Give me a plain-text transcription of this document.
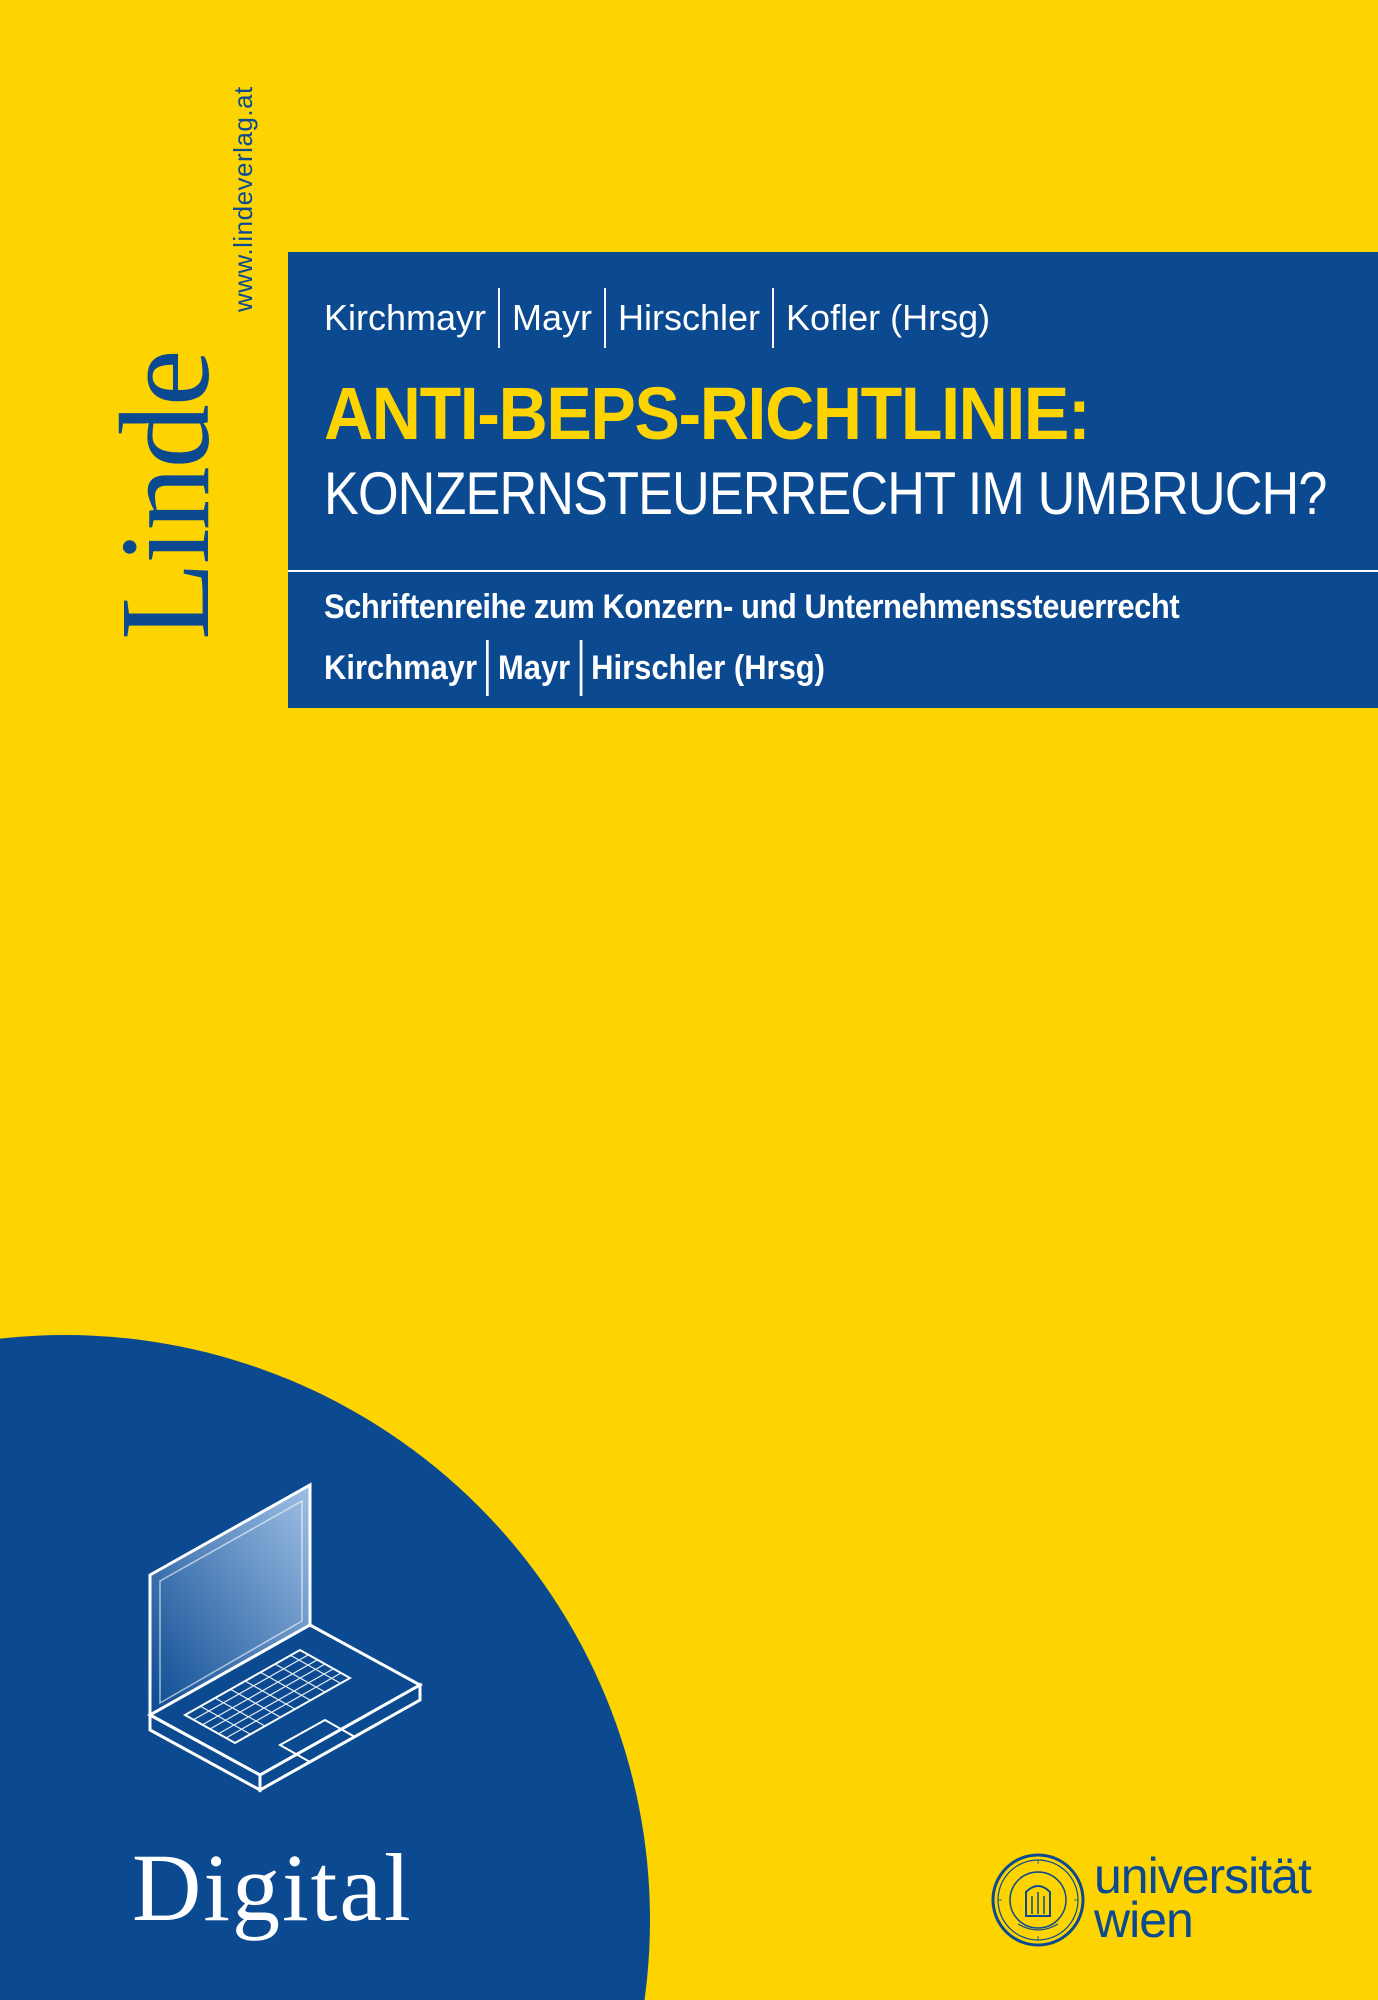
Linde
www.lindeverlag.at
Kirchmayr Mayr Hirschler Kofler (Hrsg)
ANTI-BEPS-RICHTLINIE:
KONZERNSTEUERRECHT IM UMBRUCH?
Schriftenreihe zum Konzern- und Unternehmenssteuerrecht
Kirchmayr Mayr Hirschler (Hrsg)
Digital	universität
wien
